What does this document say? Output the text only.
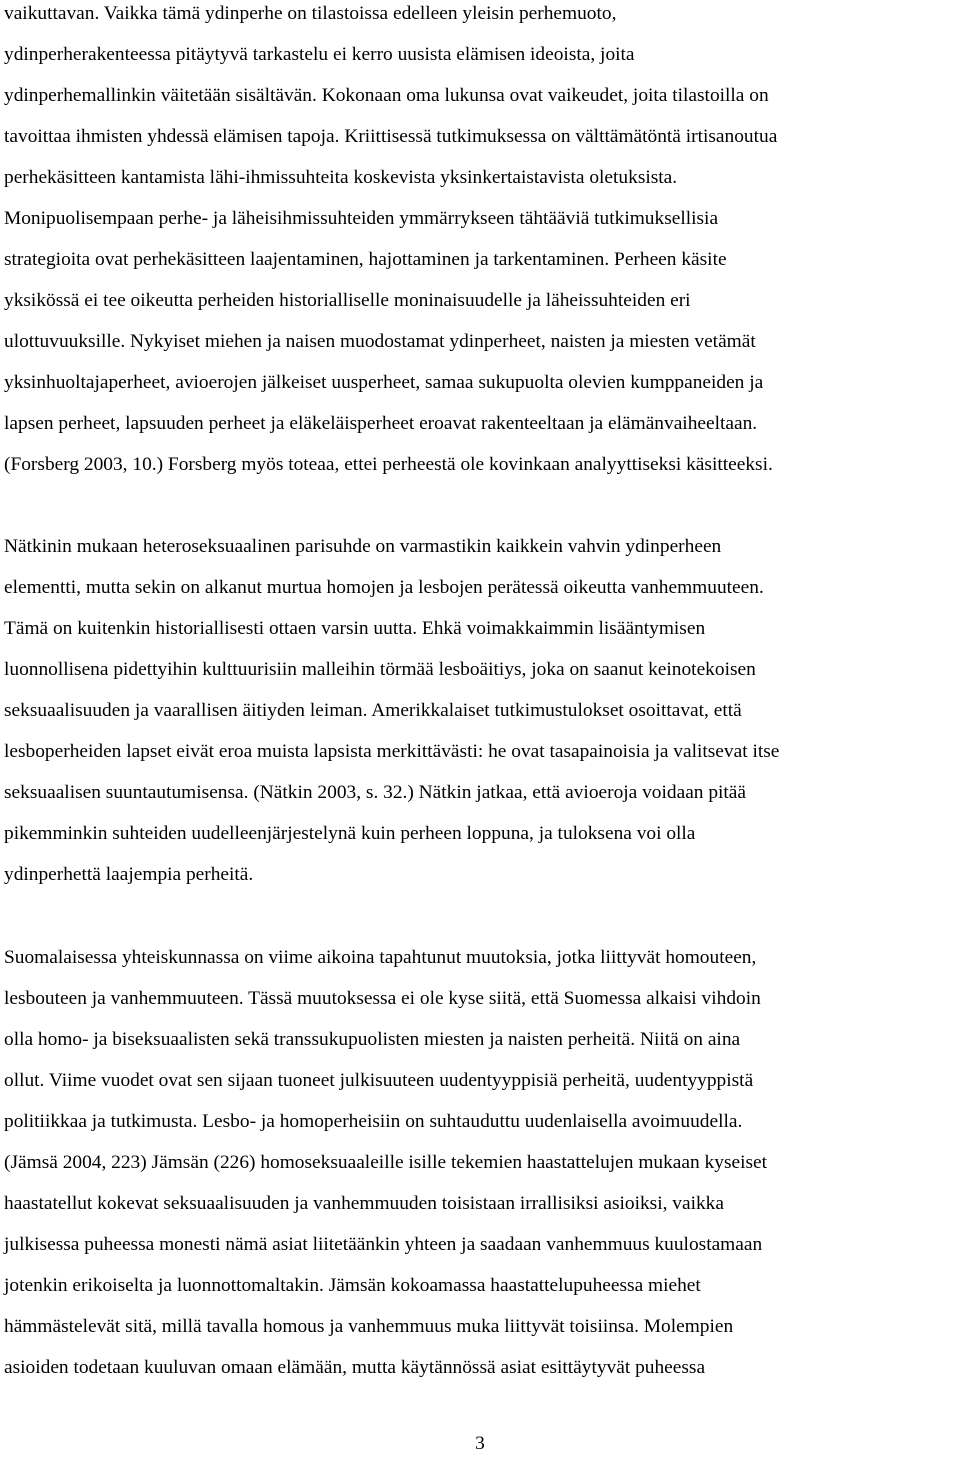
vaikuttavan. Vaikka tämä ydinperhe on tilastoissa edelleen yleisin perhemuoto,
ydinperherakenteessa pitäytyvä tarkastelu ei kerro uusista elämisen ideoista, joita
ydinperhemallinkin väitetään sisältävän. Kokonaan oma lukunsa ovat vaikeudet, joita tilastoilla on
tavoittaa ihmisten yhdessä elämisen tapoja. Kriittisessä tutkimuksessa on välttämätöntä irtisanoutua
perhekäsitteen kantamista lähi-ihmissuhteita koskevista yksinkertaistavista oletuksista.
Monipuolisempaan perhe- ja läheisihmissuhteiden ymmärrykseen tähtääviä tutkimuksellisia
strategioita ovat perhekäsitteen laajentaminen, hajottaminen ja tarkentaminen. Perheen käsite
yksikössä ei tee oikeutta perheiden historialliselle moninaisuudelle ja läheissuhteiden eri
ulottuvuuksille. Nykyiset miehen ja naisen muodostamat ydinperheet, naisten ja miesten vetämät
yksinhuoltajaperheet, avioerojen jälkeiset uusperheet, samaa sukupuolta olevien kumppaneiden ja
lapsen perheet, lapsuuden perheet ja eläkeläisperheet eroavat rakenteeltaan ja elämänvaiheeltaan.
(Forsberg 2003, 10.) Forsberg myös toteaa, ettei perheestä ole kovinkaan analyyttiseksi käsitteeksi.
Nätkinin mukaan heteroseksuaalinen parisuhde on varmastikin kaikkein vahvin ydinperheen
elementti, mutta sekin on alkanut murtua homojen ja lesbojen perätessä oikeutta vanhemmuuteen.
Tämä on kuitenkin historiallisesti ottaen varsin uutta. Ehkä voimakkaimmin lisääntymisen
luonnollisena pidettyihin kulttuurisiin malleihin törmää lesboäitiys, joka on saanut keinotekoisen
seksuaalisuuden ja vaarallisen äitiyden leiman. Amerikkalaiset tutkimustulokset osoittavat, että
lesboperheiden lapset eivät eroa muista lapsista merkittävästi: he ovat tasapainoisia ja valitsevat itse
seksuaalisen suuntautumisensa. (Nätkin 2003, s. 32.) Nätkin jatkaa, että avioeroja voidaan pitää
pikemminkin suhteiden uudelleenjärjestelynä kuin perheen loppuna, ja tuloksena voi olla
ydinperhettä laajempia perheitä.
Suomalaisessa yhteiskunnassa on viime aikoina tapahtunut muutoksia, jotka liittyvät homouteen,
lesbouteen ja vanhemmuuteen. Tässä muutoksessa ei ole kyse siitä, että Suomessa alkaisi vihdoin
olla homo- ja biseksuaalisten sekä transsukupuolisten miesten ja naisten perheitä. Niitä on aina
ollut. Viime vuodet ovat sen sijaan tuoneet julkisuuteen uudentyyppisiä perheitä, uudentyyppistä
politiikkaa ja tutkimusta. Lesbo- ja homoperheisiin on suhtauduttu uudenlaisella avoimuudella.
(Jämsä 2004, 223) Jämsän (226) homoseksuaaleille isille tekemien haastattelujen mukaan kyseiset
haastatellut kokevat seksuaalisuuden ja vanhemmuuden toisistaan irrallisiksi asioiksi, vaikka
julkisessa puheessa monesti nämä asiat liitetäänkin yhteen ja saadaan vanhemmuus kuulostamaan
jotenkin erikoiselta ja luonnottomaltakin. Jämsän kokoamassa haastattelupuheessa miehet
hämmästelevät sitä, millä tavalla homous ja vanhemmuus muka liittyvät toisiinsa. Molempien
asioiden todetaan kuuluvan omaan elämään, mutta käytännössä asiat esittäytyvät puheessa
3
